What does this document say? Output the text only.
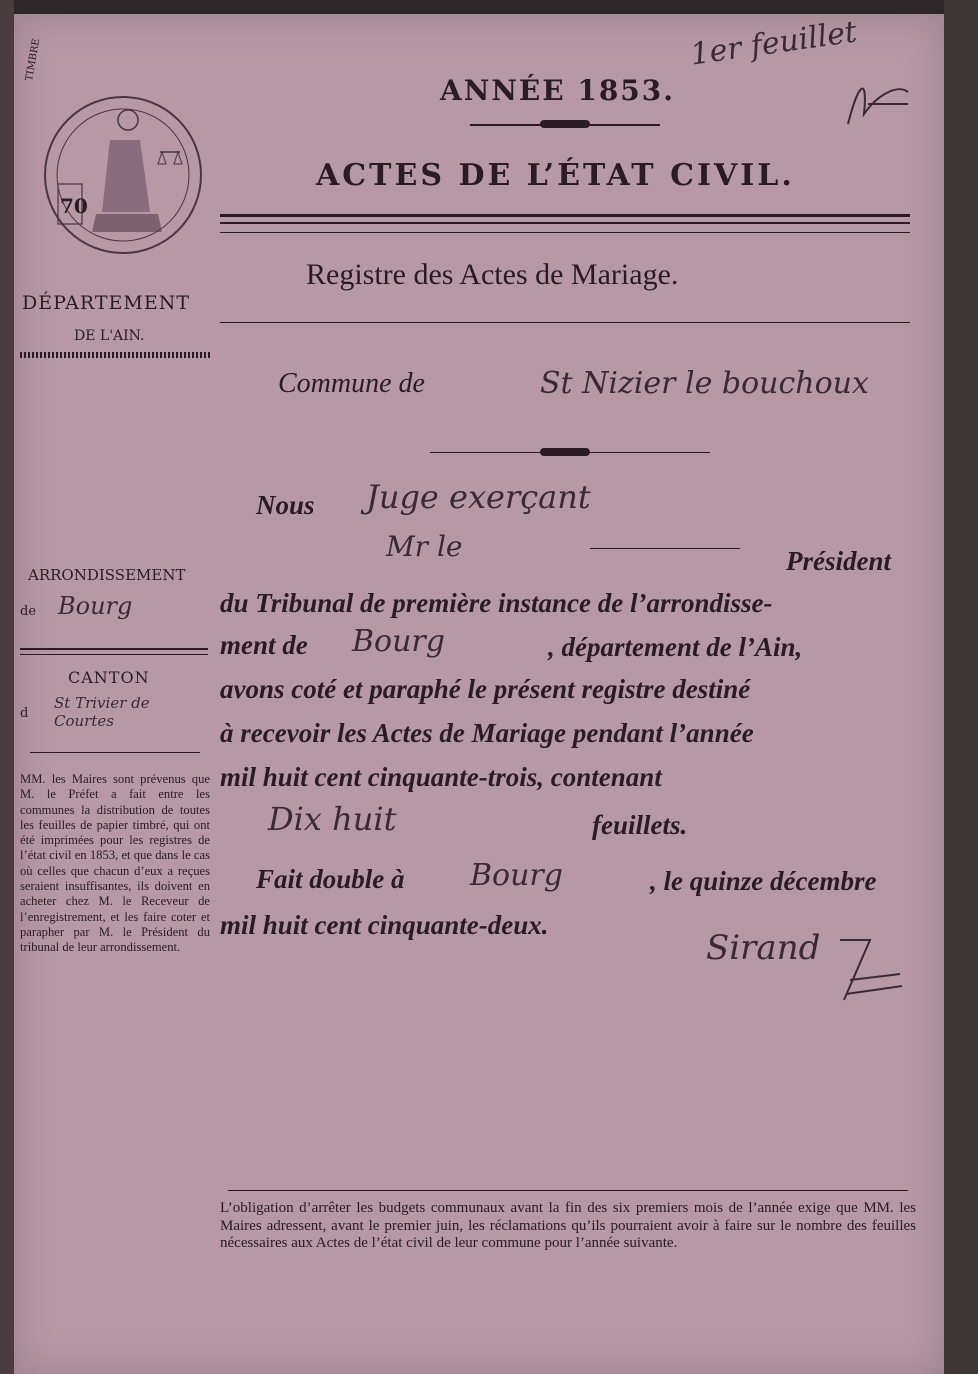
TIMBRE
70
1er feuillet
ANNÉE 1853.
ACTES DE L’ÉTAT CIVIL.
Registre des Actes de Mariage.
DÉPARTEMENT
DE L'AIN.
ARRONDISSEMENT
de Bourg
CANTON
d
St Trivier de Courtes
MM. les Maires sont prévenus que M. le Préfet a fait entre les communes la distribution de toutes les feuilles de papier timbré, qui ont été imprimées pour les registres de l’état civil en 1853, et que dans le cas où celles que chacun d’eux a reçues seraient insuffisantes, ils doivent en acheter chez M. le Receveur de l’enregistrement, et les faire coter et parapher par M. le Président du tribunal de leur arrondissement.
Commune de	St Nizier le bouchoux
Nous Juge exerçant
Mr le	Président
du Tribunal de première instance de l’arrondisse-
ment de Bourg	, département de l’Ain,
avons coté et paraphé le présent registre destiné
à recevoir les Actes de Mariage pendant l’année
mil huit cent cinquante-trois, contenant
Dix huit	feuillets.
Fait double à Bourg	, le quinze décembre
mil huit cent cinquante-deux.
Sirand
L’obligation d’arrêter les budgets communaux avant la fin des six premiers mois de l’année exige que MM. les Maires adressent, avant le premier juin, les réclamations qu’ils pourraient avoir à faire sur le nombre des feuilles nécessaires aux Actes de l’état civil de leur commune pour l’année suivante.
